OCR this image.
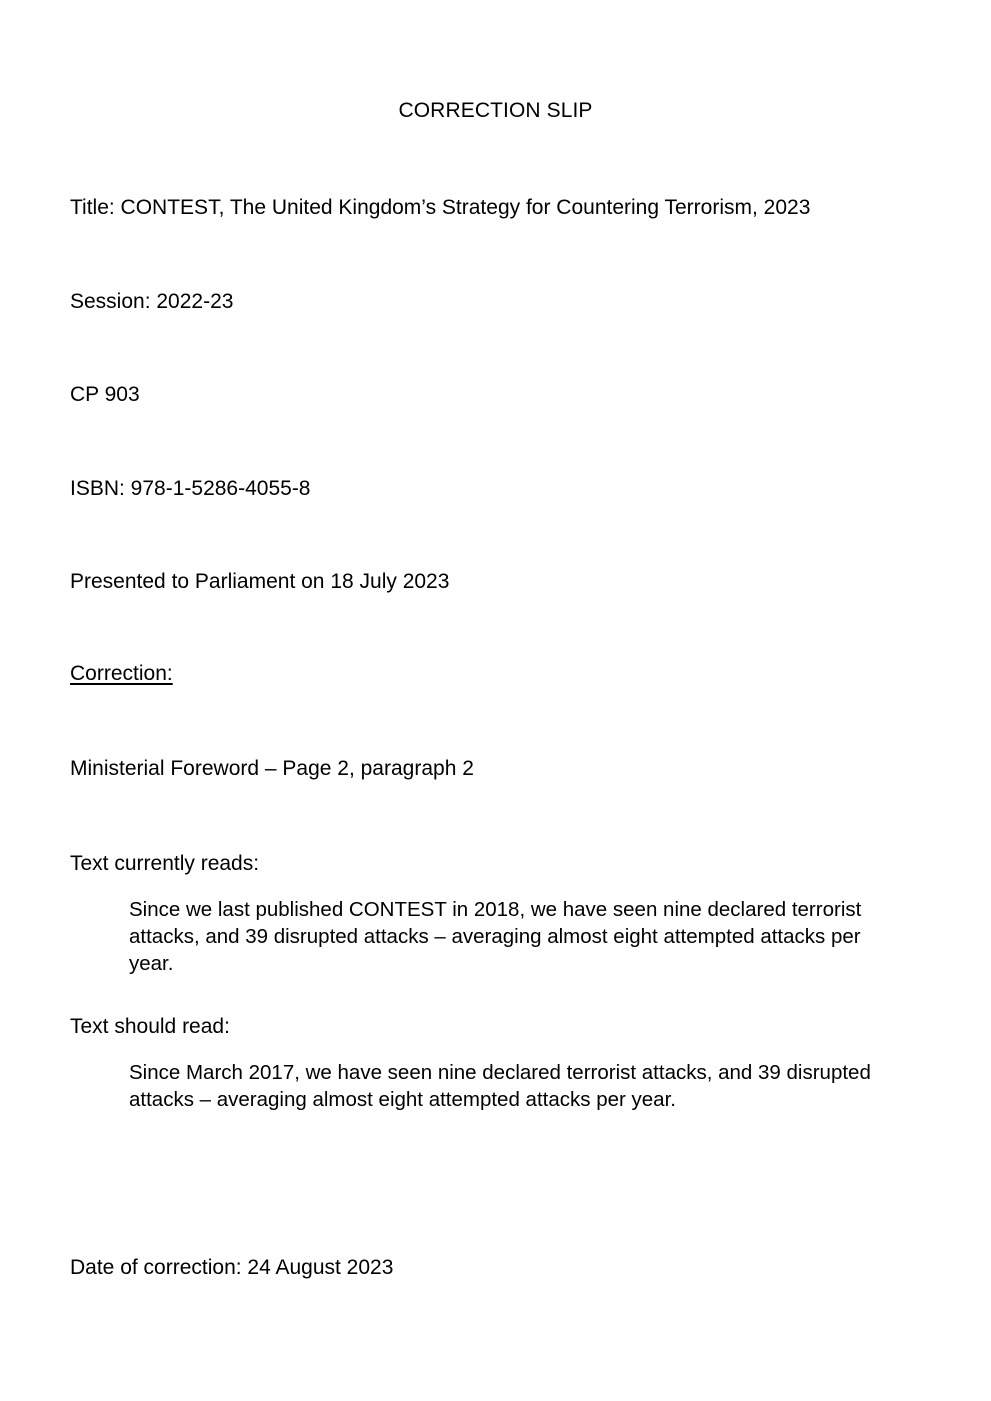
CORRECTION SLIP
Title: CONTEST, The United Kingdom’s Strategy for Countering Terrorism, 2023
Session: 2022-23
CP 903
ISBN: 978-1-5286-4055-8
Presented to Parliament on 18 July 2023
Correction:
Ministerial Foreword – Page 2, paragraph 2
Text currently reads:
Since we last published CONTEST in 2018, we have seen nine declared terrorist attacks, and 39 disrupted attacks – averaging almost eight attempted attacks per year.
Text should read:
Since March 2017, we have seen nine declared terrorist attacks, and 39 disrupted attacks – averaging almost eight attempted attacks per year.
Date of correction: 24 August 2023
